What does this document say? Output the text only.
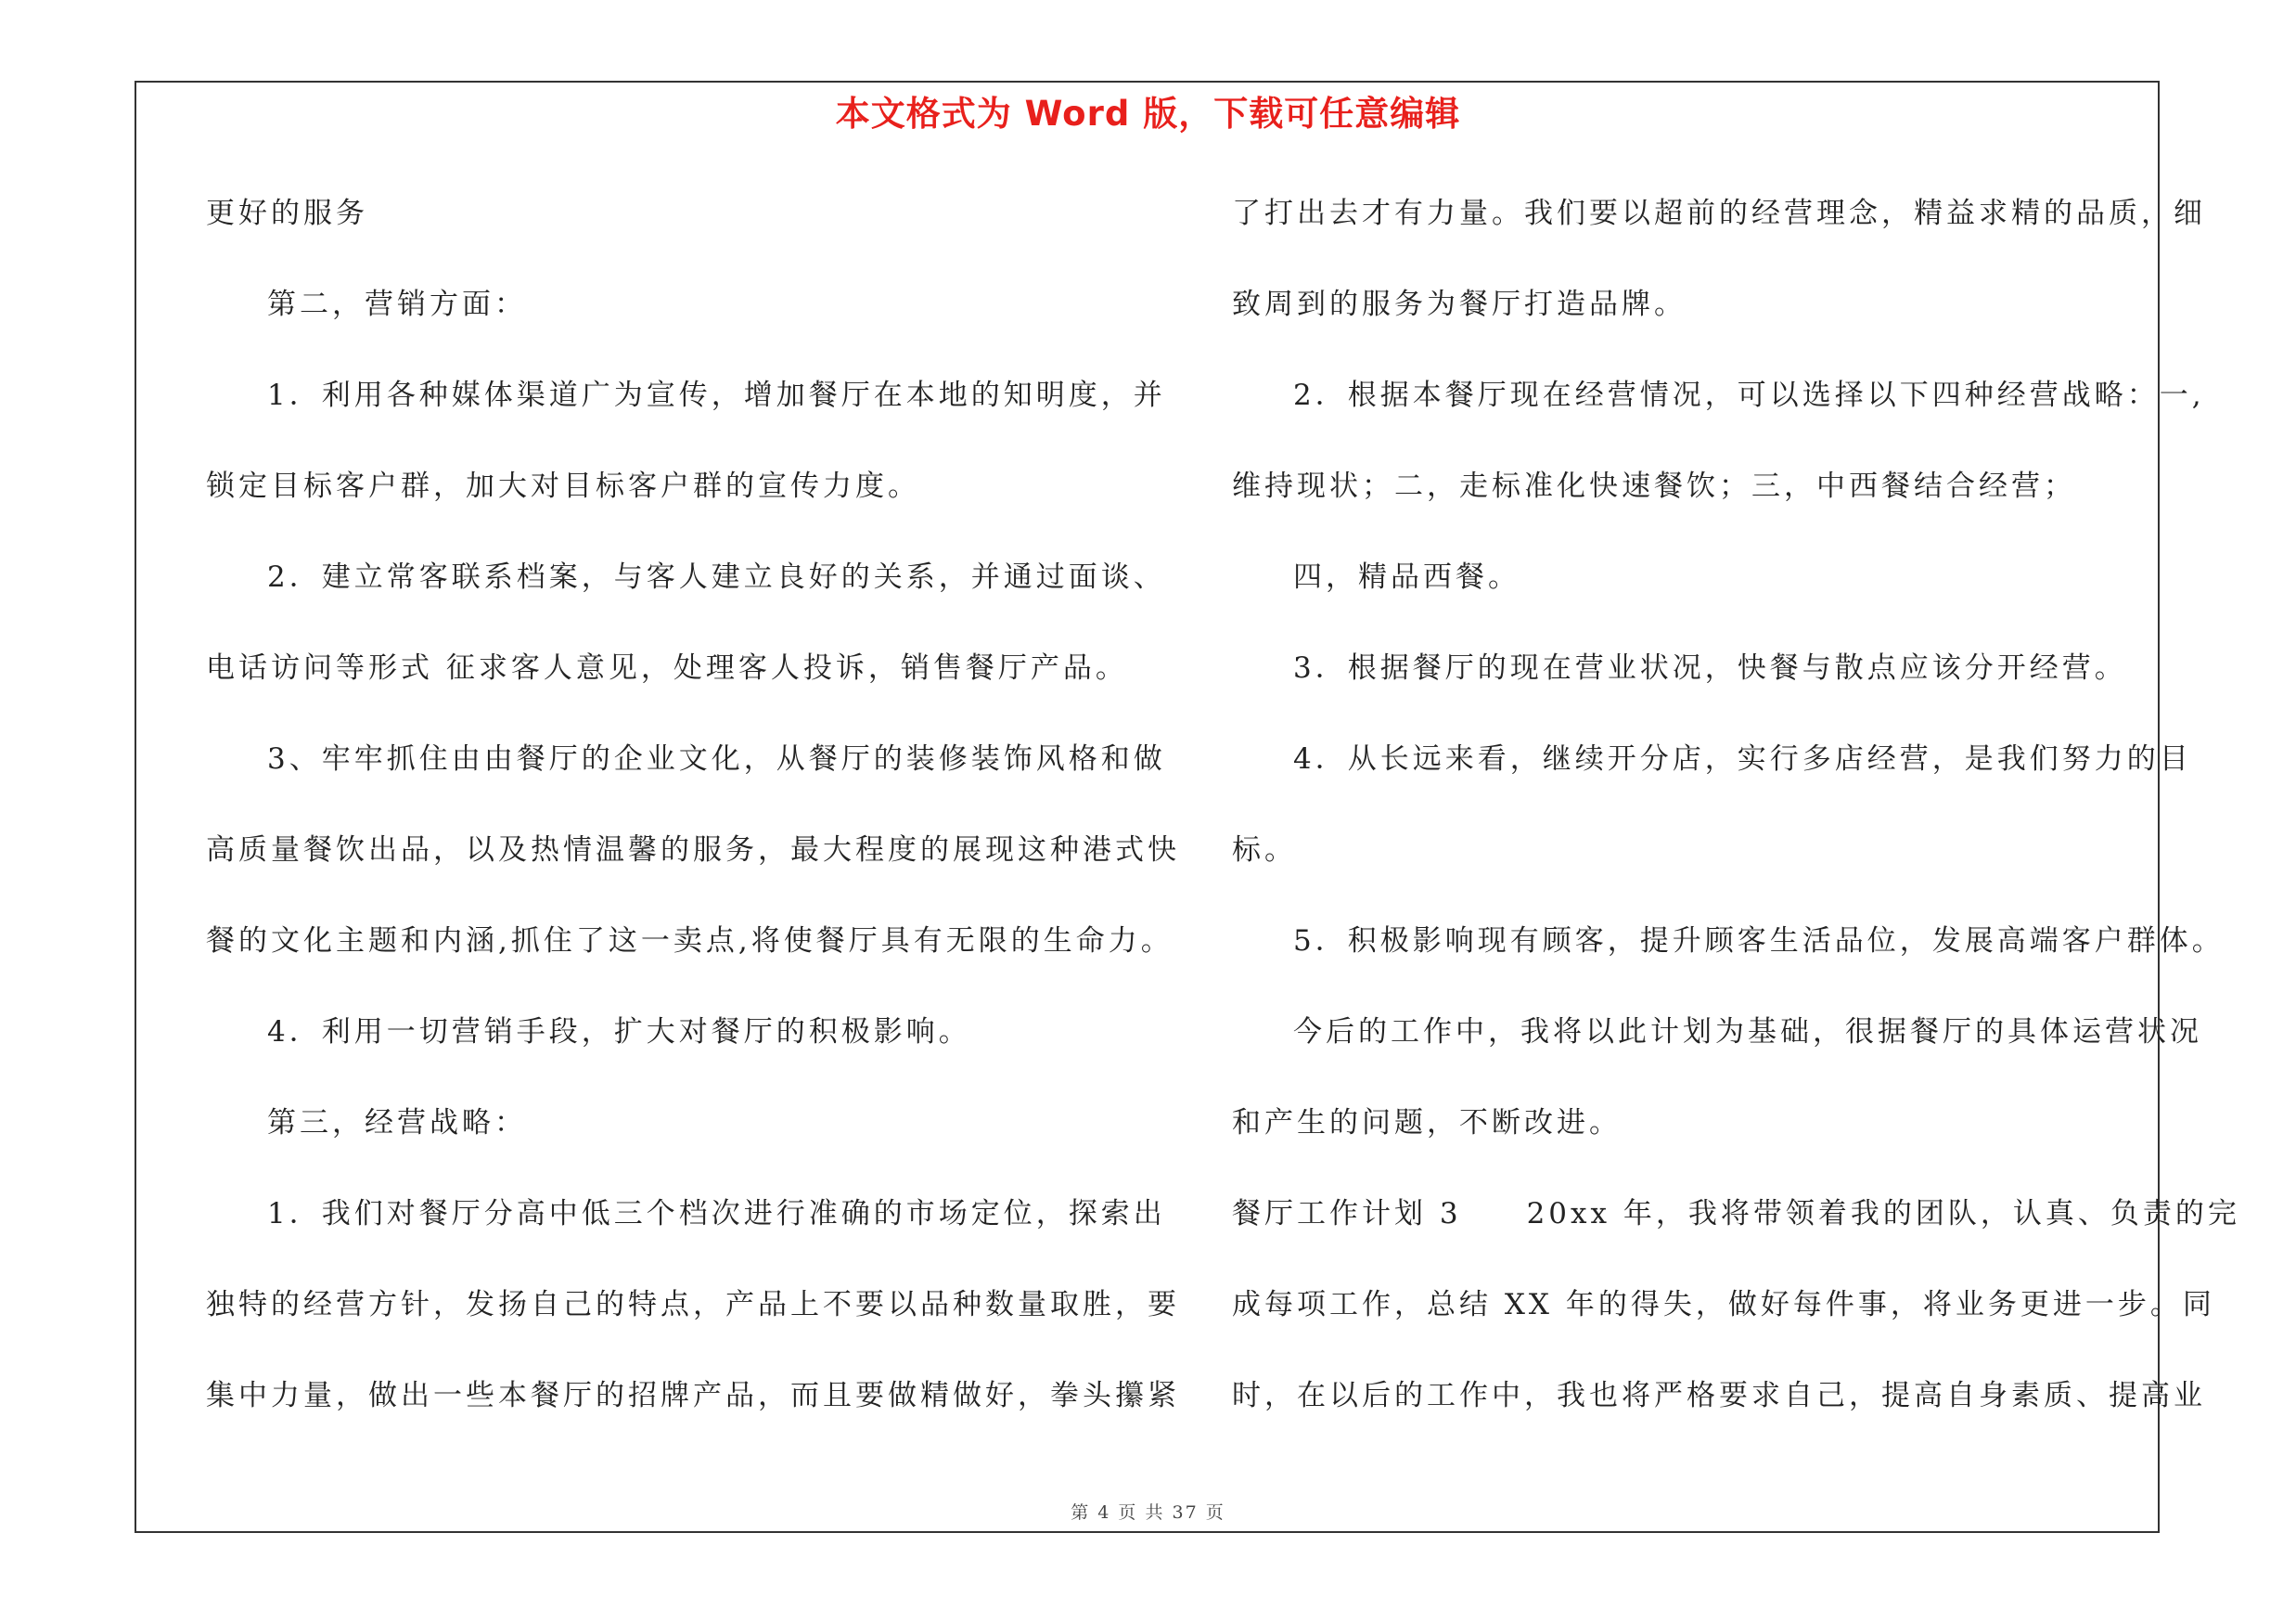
本文格式为 Word 版，下载可任意编辑
更好的服务
第二，营销方面：
1．利用各种媒体渠道广为宣传，增加餐厅在本地的知明度，并
锁定目标客户群，加大对目标客户群的宣传力度。
2．建立常客联系档案，与客人建立良好的关系，并通过面谈、
电话访问等形式 征求客人意见，处理客人投诉，销售餐厅产品。
3、牢牢抓住由由餐厅的企业文化，从餐厅的装修装饰风格和做
高质量餐饮出品，以及热情温馨的服务，最大程度的展现这种港式快
餐的文化主题和内涵,抓住了这一卖点,将使餐厅具有无限的生命力。
4．利用一切营销手段，扩大对餐厅的积极影响。
第三，经营战略：
1．我们对餐厅分高中低三个档次进行准确的市场定位，探索出
独特的经营方针，发扬自己的特点，产品上不要以品种数量取胜，要
集中力量，做出一些本餐厅的招牌产品，而且要做精做好，拳头攥紧
了打出去才有力量。我们要以超前的经营理念，精益求精的品质，细
致周到的服务为餐厅打造品牌。
2．根据本餐厅现在经营情况，可以选择以下四种经营战略：一,
维持现状；二，走标准化快速餐饮；三，中西餐结合经营；
四，精品西餐。
3．根据餐厅的现在营业状况，快餐与散点应该分开经营。
4．从长远来看，继续开分店，实行多店经营，是我们努力的目
标。
5．积极影响现有顾客，提升顾客生活品位，发展高端客户群体。
今后的工作中，我将以此计划为基础，很据餐厅的具体运营状况
和产生的问题，不断改进。
餐厅工作计划 3　　20xx 年，我将带领着我的团队，认真、负责的完
成每项工作，总结 XX 年的得失，做好每件事，将业务更进一步。同
时，在以后的工作中，我也将严格要求自己，提高自身素质、提高业
第 4 页 共 37 页
